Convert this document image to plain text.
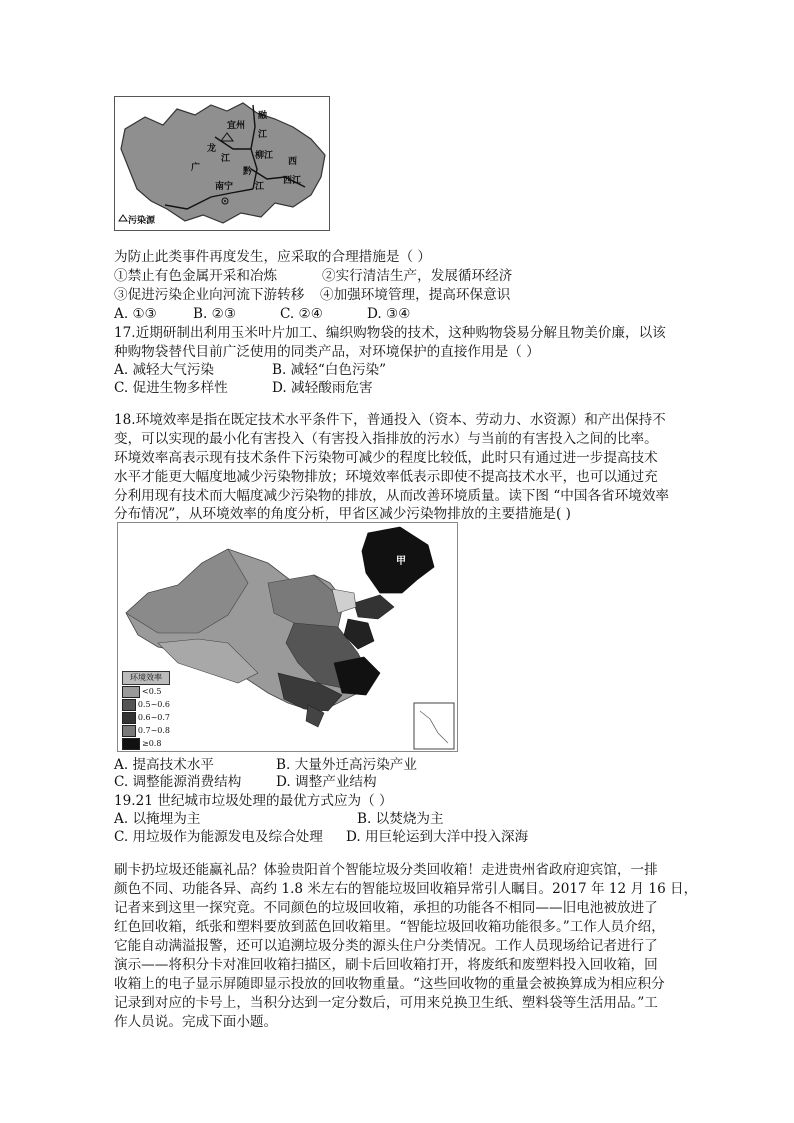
融
宜州
江
龙
江	柳江
西
广	黔
江
西江
南宁
污染源
为防止此类事件再度发生，应采取的合理措施是（ ）
①禁止有色金属开采和冶炼	②实行清洁生产，发展循环经济
③促进污染企业向河流下游转移 ④加强环境管理，提高环保意识
A. ①③	B. ②③	C. ②④	D. ③④
17.近期研制出利用玉米叶片加工、编织购物袋的技术，这种购物袋易分解且物美价廉，以该
种购物袋替代目前广泛使用的同类产品，对环境保护的直接作用是（ ）
A. 减轻大气污染	B. 减轻“白色污染”
C. 促进生物多样性	D. 减轻酸雨危害
18.环境效率是指在既定技术水平条件下，普通投入（资本、劳动力、水资源）和产出保持不
变，可以实现的最小化有害投入（有害投入指排放的污水）与当前的有害投入之间的比率。
环境效率高表示现有技术条件下污染物可减少的程度比较低，此时只有通过进一步提高技术
水平才能更大幅度地减少污染物排放；环境效率低表示即使不提高技术水平，也可以通过充
分利用现有技术而大幅度减少污染物的排放，从而改善环境质量。读下图 “中国各省环境效率
分布情况”，从环境效率的角度分析，甲省区减少污染物排放的主要措施是( )
甲
环境效率
<0.5
0.5~0.6
0.6~0.7
0.7~0.8
≥0.8
A. 提高技术水平	B. 大量外迁高污染产业
C. 调整能源消费结构	D. 调整产业结构
19.21 世纪城市垃圾处理的最优方式应为（ ）
A. 以掩埋为主	B. 以焚烧为主
C. 用垃圾作为能源发电及综合处理 D. 用巨轮运到大洋中投入深海
刷卡扔垃圾还能赢礼品？体验贵阳首个智能垃圾分类回收箱！走进贵州省政府迎宾馆，一排
颜色不同、功能各异、高约 1.8 米左右的智能垃圾回收箱异常引人瞩目。2017 年 12 月 16 日，
记者来到这里一探究竟。不同颜色的垃圾回收箱，承担的功能各不相同——旧电池被放进了
红色回收箱，纸张和塑料要放到蓝色回收箱里。“智能垃圾回收箱功能很多。”工作人员介绍，
它能自动满溢报警，还可以追溯垃圾分类的源头住户分类情况。工作人员现场给记者进行了
演示——将积分卡对准回收箱扫描区，刷卡后回收箱打开，将废纸和废塑料投入回收箱，回
收箱上的电子显示屏随即显示投放的回收物重量。“这些回收物的重量会被换算成为相应积分
记录到对应的卡号上，当积分达到一定分数后，可用来兑换卫生纸、塑料袋等生活用品。”工
作人员说。完成下面小题。
